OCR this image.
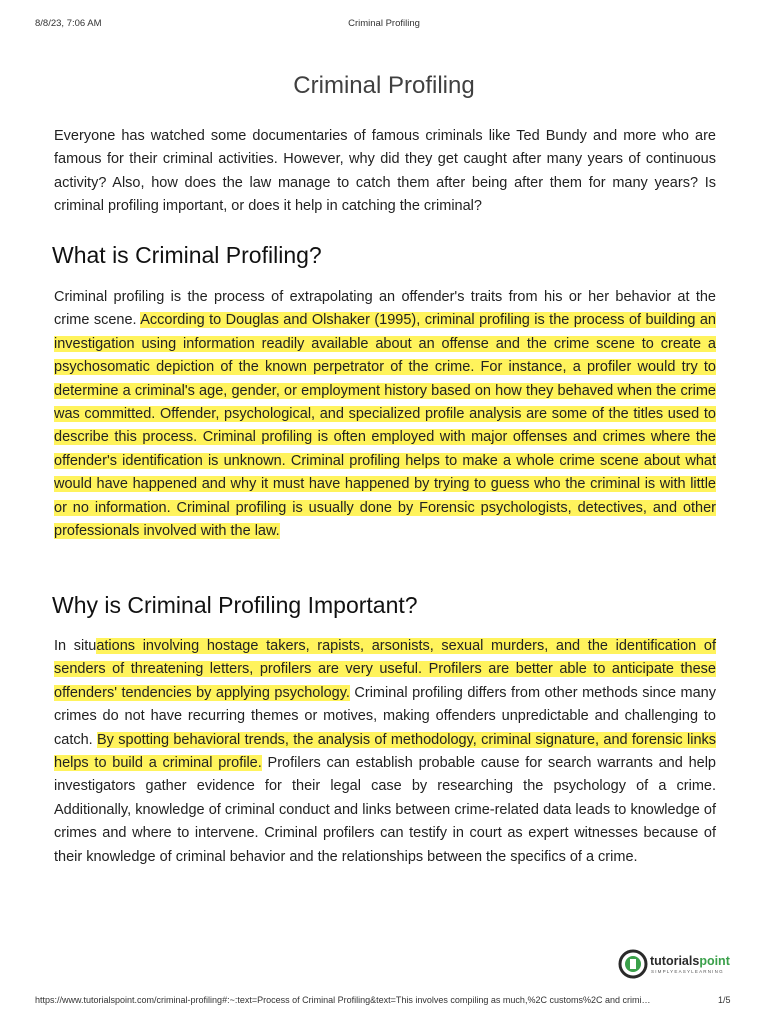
8/8/23, 7:06 AM	Criminal Profiling
Criminal Profiling

Everyone has watched some documentaries of famous criminals like Ted Bundy and more who are famous for their criminal activities. However, why did they get caught after many years of continuous activity? Also, how does the law manage to catch them after being after them for many years? Is criminal profiling important, or does it help in catching the criminal?

What is Criminal Profiling?

Criminal profiling is the process of extrapolating an offender's traits from his or her behavior at the crime scene. According to Douglas and Olshaker (1995), criminal profiling is the process of building an investigation using information readily available about an offense and the crime scene to create a psychosomatic depiction of the known perpetrator of the crime. For instance, a profiler would try to determine a criminal's age, gender, or employment history based on how they behaved when the crime was committed. Offender, psychological, and specialized profile analysis are some of the titles used to describe this process. Criminal profiling is often employed with major offenses and crimes where the offender's identification is unknown. Criminal profiling helps to make a whole crime scene about what would have happened and why it must have happened by trying to guess who the criminal is with little or no information. Criminal profiling is usually done by Forensic psychologists, detectives, and other professionals involved with the law.

Why is Criminal Profiling Important?

In situations involving hostage takers, rapists, arsonists, sexual murders, and the identification of senders of threatening letters, profilers are very useful. Profilers are better able to anticipate these offenders' tendencies by applying psychology. Criminal profiling differs from other methods since many crimes do not have recurring themes or motives, making offenders unpredictable and challenging to catch. By spotting behavioral trends, the analysis of methodology, criminal signature, and forensic links helps to build a criminal profile. Profilers can establish probable cause for search warrants and help investigators gather evidence for their legal case by researching the psychology of a crime. Additionally, knowledge of criminal conduct and links between crime-related data leads to knowledge of crimes and where to intervene. Criminal profilers can testify in court as expert witnesses because of their knowledge of criminal behavior and the relationships between the specifics of a crime.

tutorialspoint
SIMPLYEASYLEARNING
https://www.tutorialspoint.com/criminal-profiling#:~:text=Process of Criminal Profiling&text=This involves compiling as much,%2C customs%2C and crimi…	1/5
